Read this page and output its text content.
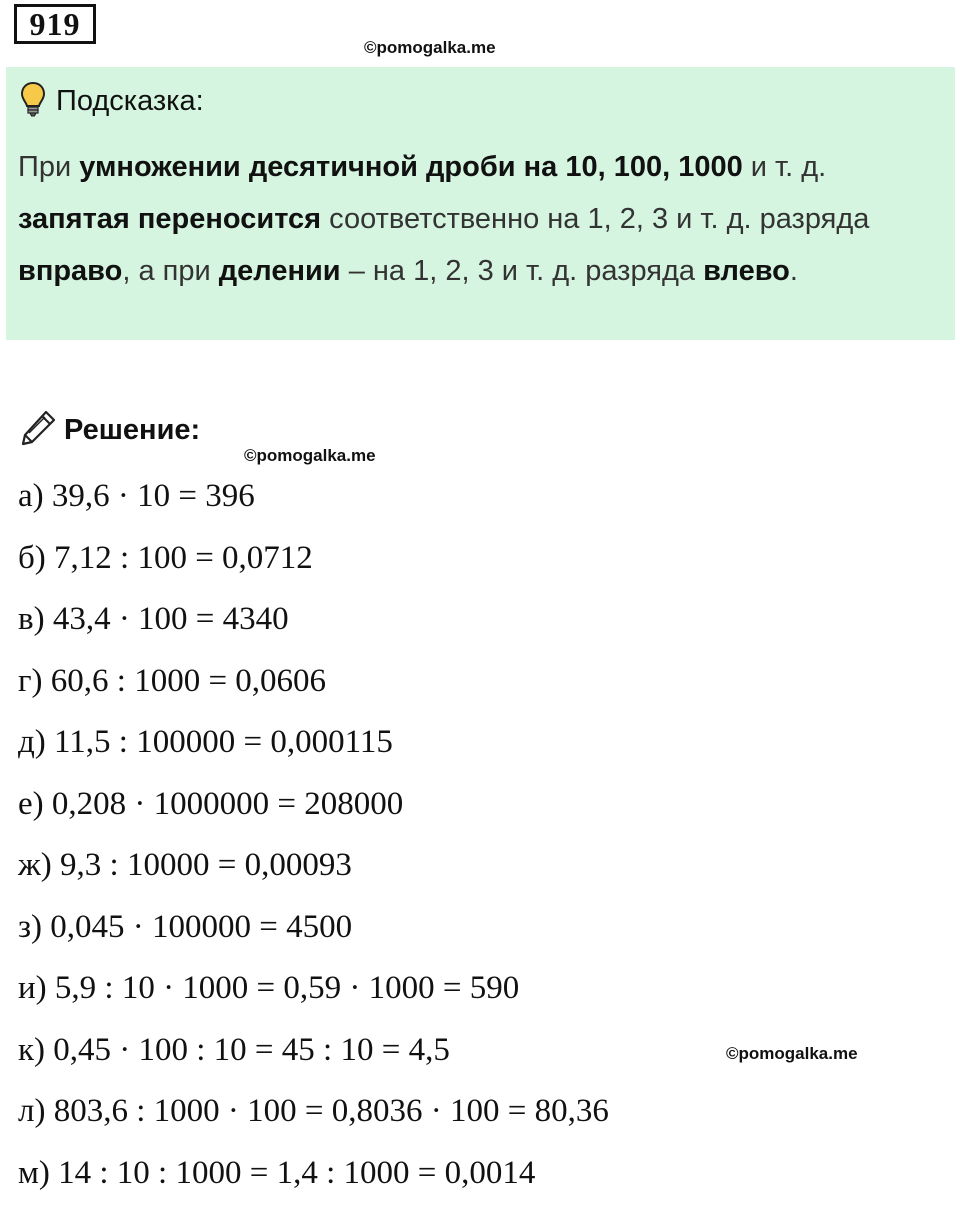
919
©pomogalka.me
Подсказка:
При умножении десятичной дроби на 10, 100, 1000 и т. д.
запятая переносится соответственно на 1, 2, 3 и т. д. разряда
вправо, а при делении – на 1, 2, 3 и т. д. разряда влево.
Решение:
©pomogalka.me
а) 39,6 · 10 = 396
б) 7,12 : 100 = 0,0712
в) 43,4 · 100 = 4340
г) 60,6 : 1000 = 0,0606
д) 11,5 : 100000 = 0,000115
е) 0,208 · 1000000 = 208000
ж) 9,3 : 10000 = 0,00093
з) 0,045 · 100000 = 4500
и) 5,9 : 10 · 1000 = 0,59 · 1000 = 590
к) 0,45 · 100 : 10 = 45 : 10 = 4,5
л) 803,6 : 1000 · 100 = 0,8036 · 100 = 80,36
м) 14 : 10 : 1000 = 1,4 : 1000 = 0,0014
©pomogalka.me
